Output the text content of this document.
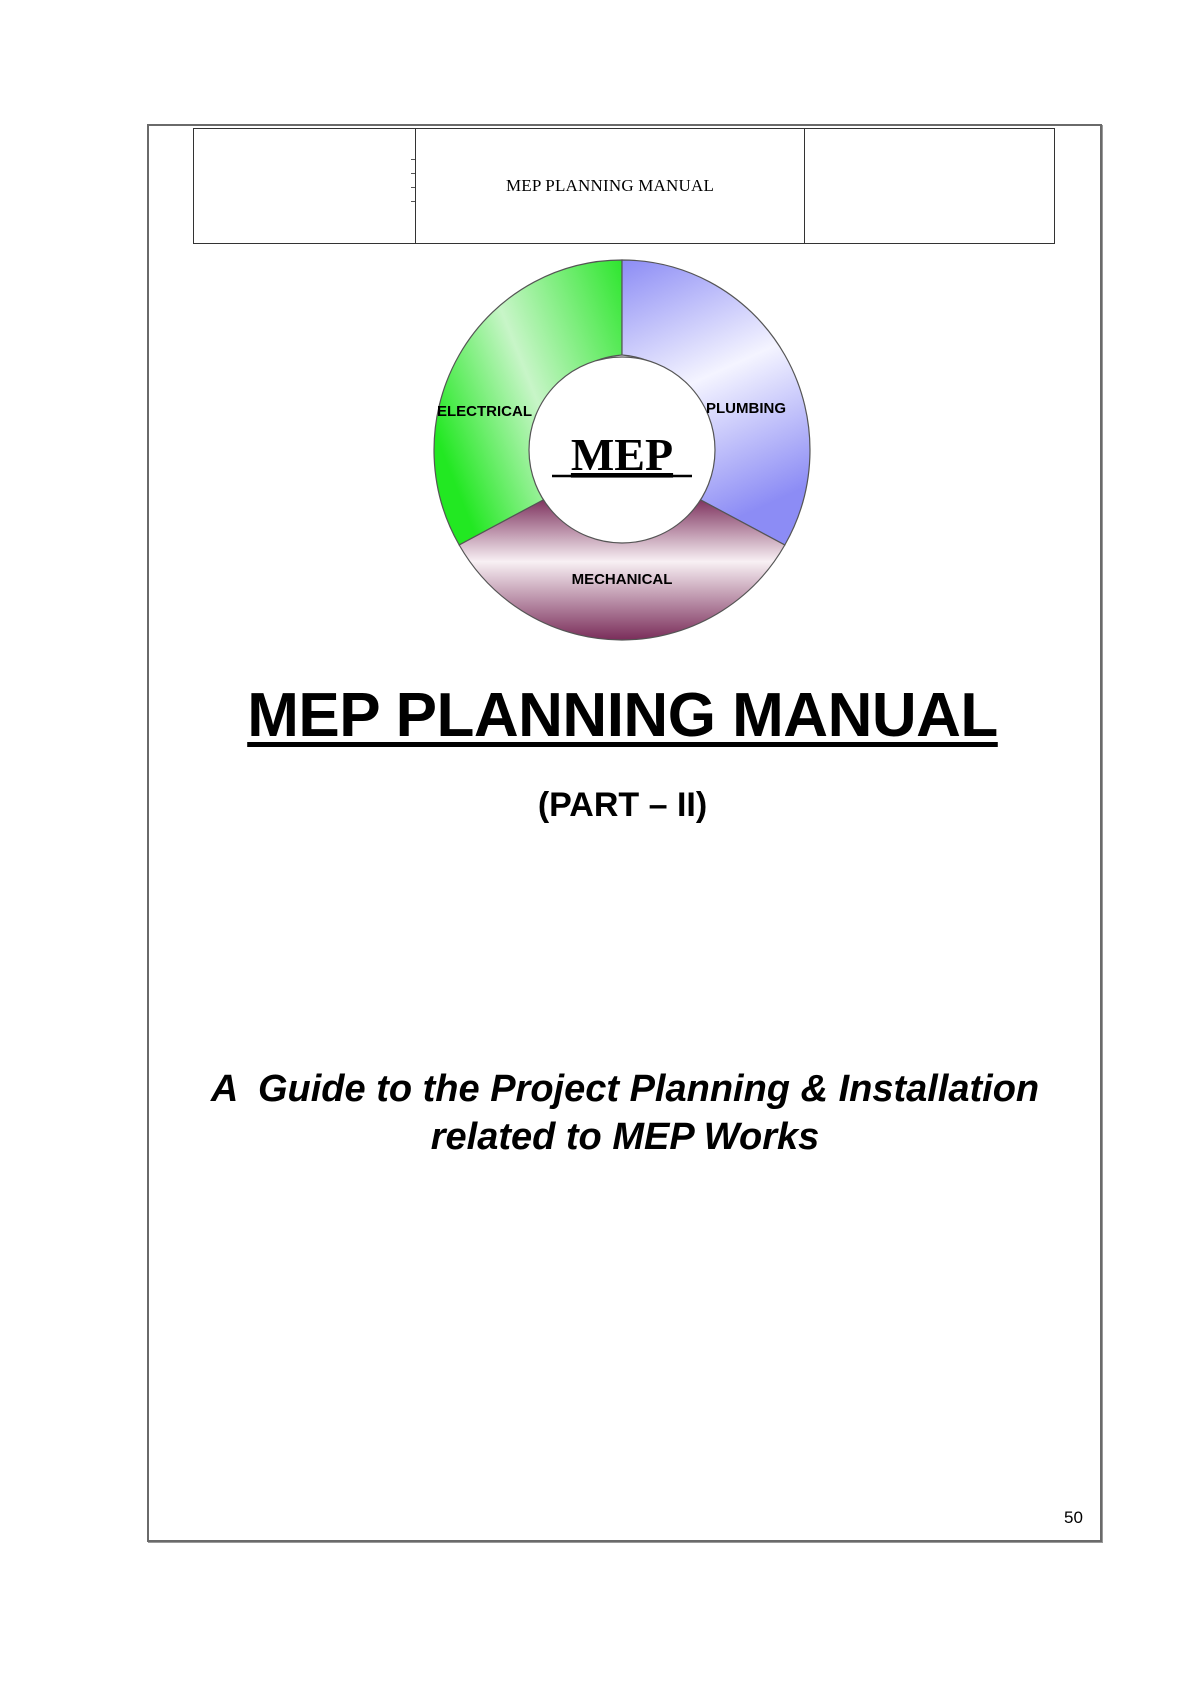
MEP PLANNING MANUAL
MEP
ELECTRICAL	PLUMBING
MECHANICAL
MEP PLANNING MANUAL
(PART – II)
A  Guide to the Project Planning & Installation
related to MEP Works
50
